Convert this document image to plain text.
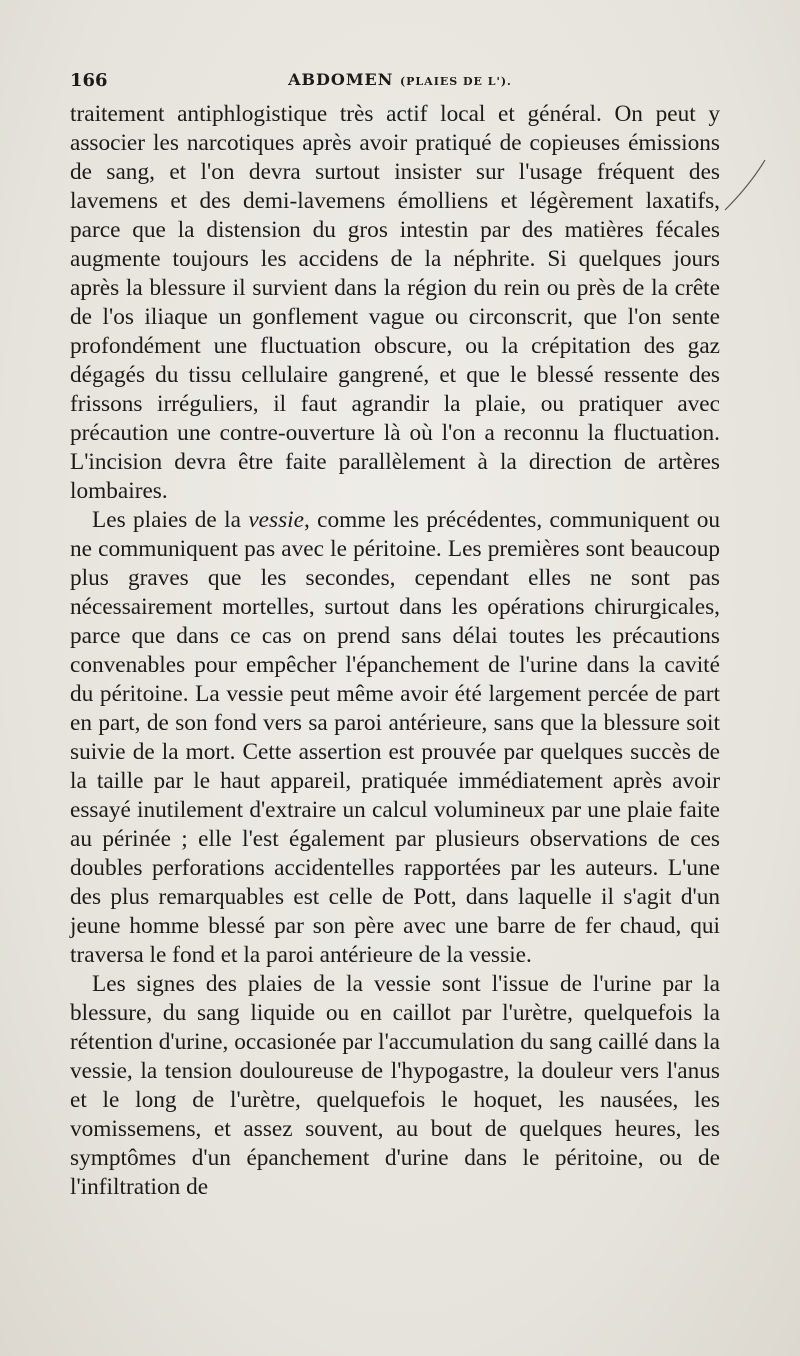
166	ABDOMEN (PLAIES DE L').

traitement antiphlogistique très actif local et général. On peut y associer les narcotiques après avoir pratiqué de copieuses émissions de sang, et l'on devra surtout insister sur l'usage fréquent des lavemens et des demi-lavemens émolliens et légèrement laxatifs, parce que la distension du gros intestin par des matières fécales augmente toujours les accidens de la néphrite. Si quelques jours après la blessure il survient dans la région du rein ou près de la crête de l'os iliaque un gonflement vague ou circonscrit, que l'on sente profondément une fluctuation obscure, ou la crépitation des gaz dégagés du tissu cellulaire gangrené, et que le blessé ressente des frissons irréguliers, il faut agrandir la plaie, ou pratiquer avec précaution une contre-ouverture là où l'on a reconnu la fluctuation. L'incision devra être faite parallèlement à la direction de artères lombaires.

Les plaies de la vessie, comme les précédentes, communiquent ou ne communiquent pas avec le péritoine. Les premières sont beaucoup plus graves que les secondes, cependant elles ne sont pas nécessairement mortelles, surtout dans les opérations chirurgicales, parce que dans ce cas on prend sans délai toutes les précautions convenables pour empêcher l'épanchement de l'urine dans la cavité du péritoine. La vessie peut même avoir été largement percée de part en part, de son fond vers sa paroi antérieure, sans que la blessure soit suivie de la mort. Cette assertion est prouvée par quelques succès de la taille par le haut appareil, pratiquée immédiatement après avoir essayé inutilement d'extraire un calcul volumineux par une plaie faite au périnée ; elle l'est également par plusieurs observations de ces doubles perforations accidentelles rapportées par les auteurs. L'une des plus remarquables est celle de Pott, dans laquelle il s'agit d'un jeune homme blessé par son père avec une barre de fer chaud, qui traversa le fond et la paroi antérieure de la vessie.

Les signes des plaies de la vessie sont l'issue de l'urine par la blessure, du sang liquide ou en caillot par l'urètre, quelquefois la rétention d'urine, occasionée par l'accumulation du sang caillé dans la vessie, la tension douloureuse de l'hypogastre, la douleur vers l'anus et le long de l'urètre, quelquefois le hoquet, les nausées, les vomissemens, et assez souvent, au bout de quelques heures, les symptômes d'un épanchement d'urine dans le péritoine, ou de l'infiltration de
